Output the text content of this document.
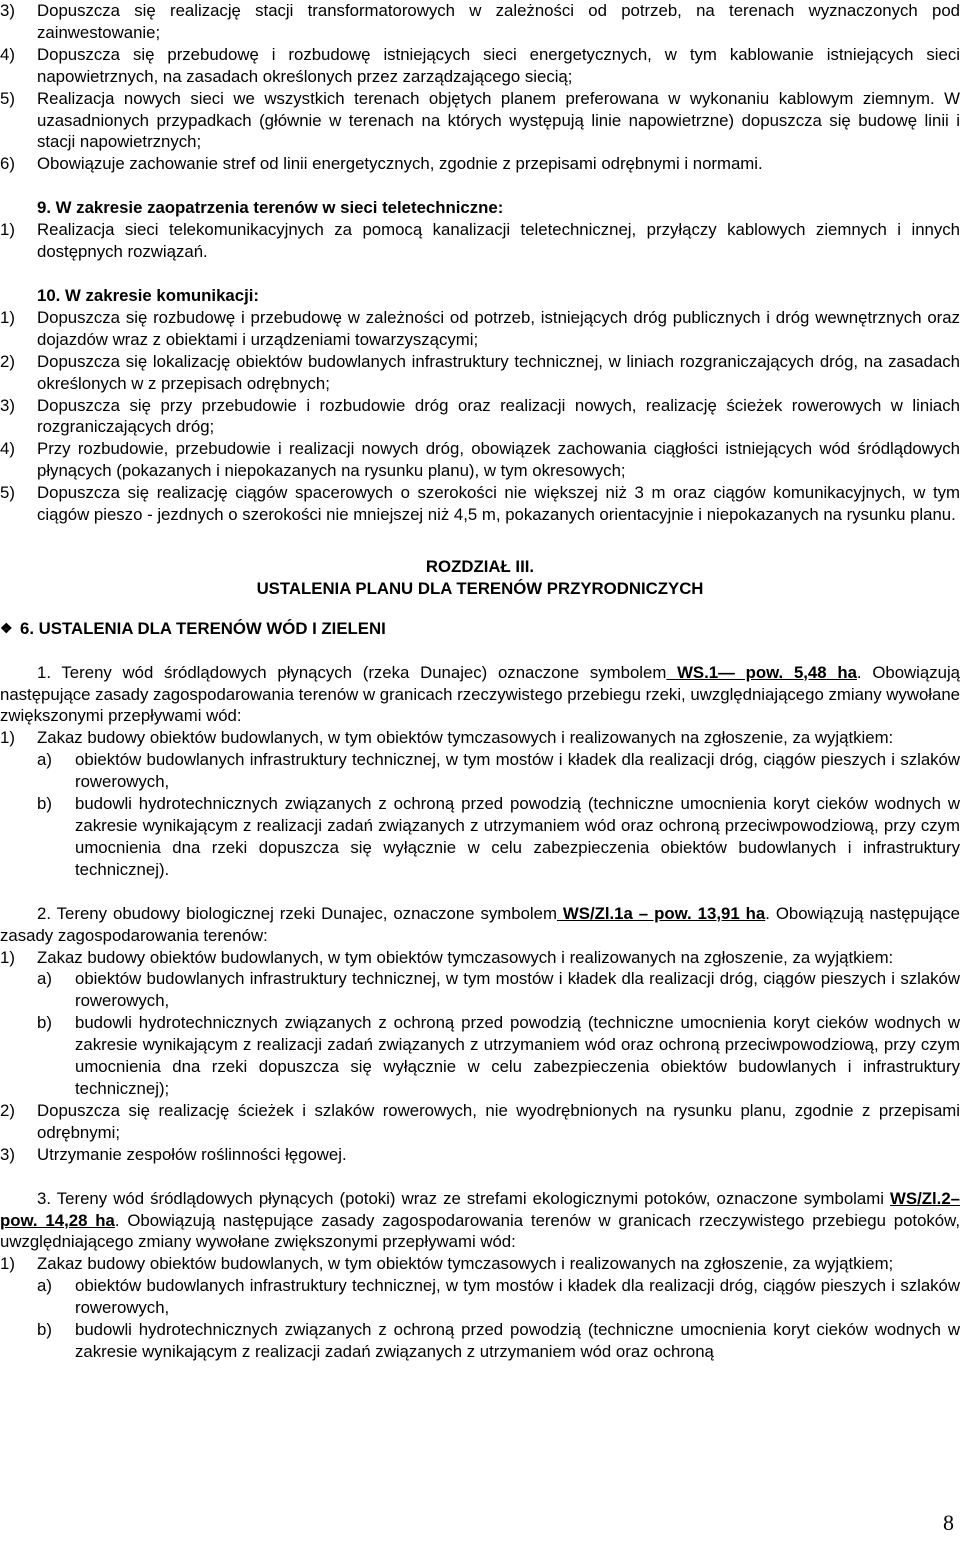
3)	Dopuszcza się realizację stacji transformatorowych w zależności od potrzeb, na terenach wyznaczonych pod zainwestowanie;
4)	Dopuszcza się przebudowę i rozbudowę istniejących sieci energetycznych, w tym kablowanie istniejących sieci napowietrznych, na zasadach określonych przez zarządzającego siecią;
5)	Realizacja nowych sieci we wszystkich terenach objętych planem preferowana w wykonaniu kablowym ziemnym. W uzasadnionych przypadkach (głównie w terenach na których występują linie napowietrzne) dopuszcza się budowę linii i stacji napowietrznych;
6)	Obowiązuje zachowanie stref od linii energetycznych, zgodnie z przepisami odrębnymi i normami.
9. W zakresie zaopatrzenia terenów w sieci teletechniczne:
1)	Realizacja sieci telekomunikacyjnych za pomocą kanalizacji teletechnicznej, przyłączy kablowych ziemnych i innych dostępnych rozwiązań.
10. W zakresie komunikacji:
1)	Dopuszcza się rozbudowę i przebudowę w zależności od potrzeb, istniejących dróg publicznych i dróg wewnętrznych oraz dojazdów wraz z obiektami i urządzeniami towarzyszącymi;
2)	Dopuszcza się lokalizację obiektów budowlanych infrastruktury technicznej, w liniach rozgraniczających dróg, na zasadach określonych w z przepisach odrębnych;
3)	Dopuszcza się przy przebudowie i rozbudowie dróg oraz realizacji nowych, realizację ścieżek rowerowych w liniach rozgraniczających dróg;
4)	Przy rozbudowie, przebudowie i realizacji nowych dróg, obowiązek zachowania ciągłości istniejących wód śródlądowych płynących (pokazanych i niepokazanych na rysunku planu), w tym okresowych;
5)	Dopuszcza się realizację ciągów spacerowych o szerokości nie większej niż 3 m oraz ciągów komunikacyjnych, w tym ciągów pieszo - jezdnych o szerokości nie mniejszej niż 4,5 m, pokazanych orientacyjnie i niepokazanych na rysunku planu.
ROZDZIAŁ III.
USTALENIA PLANU DLA TERENÓW PRZYRODNICZYCH
❖ 6. USTALENIA DLA TERENÓW WÓD I ZIELENI
1. Tereny wód śródlądowych płynących (rzeka Dunajec) oznaczone symbolem WS.1— pow. 5,48 ha. Obowiązują następujące zasady zagospodarowania terenów w granicach rzeczywistego przebiegu rzeki, uwzględniającego zmiany wywołane zwiększonymi przepływami wód:
1)	Zakaz budowy obiektów budowlanych, w tym obiektów tymczasowych i realizowanych na zgłoszenie, za wyjątkiem:
a) obiektów budowlanych infrastruktury technicznej, w tym mostów i kładek dla realizacji dróg, ciągów pieszych i szlaków rowerowych,
b) budowli hydrotechnicznych związanych z ochroną przed powodzią (techniczne umocnienia koryt cieków wodnych w zakresie wynikającym z realizacji zadań związanych z utrzymaniem wód oraz ochroną przeciwpowodziową, przy czym umocnienia dna rzeki dopuszcza się wyłącznie w celu zabezpieczenia obiektów budowlanych i infrastruktury technicznej).
2. Tereny obudowy biologicznej rzeki Dunajec, oznaczone symbolem WS/Zl.1a – pow. 13,91 ha. Obowiązują następujące zasady zagospodarowania terenów:
1)	Zakaz budowy obiektów budowlanych, w tym obiektów tymczasowych i realizowanych na zgłoszenie, za wyjątkiem:
a) obiektów budowlanych infrastruktury technicznej, w tym mostów i kładek dla realizacji dróg, ciągów pieszych i szlaków rowerowych,
b) budowli hydrotechnicznych związanych z ochroną przed powodzią (techniczne umocnienia koryt cieków wodnych w zakresie wynikającym z realizacji zadań związanych z utrzymaniem wód oraz ochroną przeciwpowodziową, przy czym umocnienia dna rzeki dopuszcza się wyłącznie w celu zabezpieczenia obiektów budowlanych i infrastruktury technicznej);
2)	Dopuszcza się realizację ścieżek i szlaków rowerowych, nie wyodrębnionych na rysunku planu, zgodnie z przepisami odrębnymi;
3)	Utrzymanie zespołów roślinności łęgowej.
3. Tereny wód śródlądowych płynących (potoki) wraz ze strefami ekologicznymi potoków, oznaczone symbolami WS/Zl.2– pow. 14,28 ha. Obowiązują następujące zasady zagospodarowania terenów w granicach rzeczywistego przebiegu potoków, uwzględniającego zmiany wywołane zwiększonymi przepływami wód:
1)	Zakaz budowy obiektów budowlanych, w tym obiektów tymczasowych i realizowanych na zgłoszenie, za wyjątkiem;
a) obiektów budowlanych infrastruktury technicznej, w tym mostów i kładek dla realizacji dróg, ciągów pieszych i szlaków rowerowych,
b) budowli hydrotechnicznych związanych z ochroną przed powodzią (techniczne umocnienia koryt cieków wodnych w zakresie wynikającym z realizacji zadań związanych z utrzymaniem wód oraz ochroną
8
